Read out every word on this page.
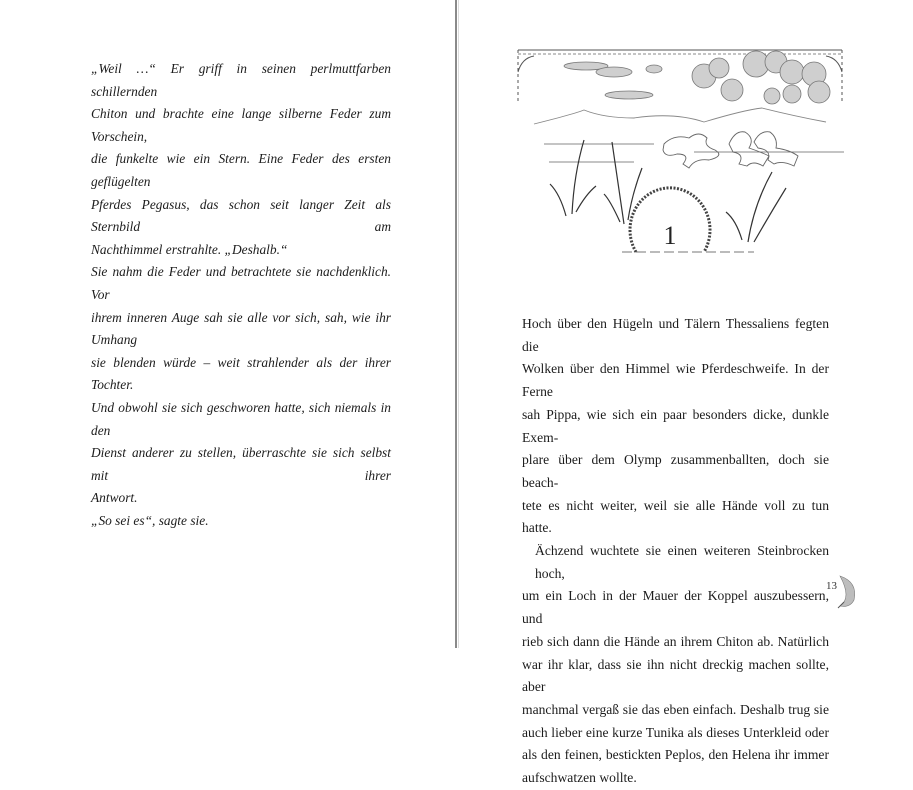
„Weil …“ Er griff in seinen perlmuttfarben schillernden
Chiton und brachte eine lange silberne Feder zum Vorschein,
die funkelte wie ein Stern. Eine Feder des ersten geflügelten
Pferdes Pegasus, das schon seit langer Zeit als Sternbild am
Nachthimmel erstrahlte. „Deshalb.“

Sie nahm die Feder und betrachtete sie nachdenklich. Vor
ihrem inneren Auge sah sie alle vor sich, sah, wie ihr Umhang
sie blenden würde – weit strahlender als der ihrer Tochter.
Und obwohl sie sich geschworen hatte, sich niemals in den
Dienst anderer zu stellen, überraschte sie sich selbst mit ihrer
Antwort.

„So sei es“, sagte sie.

1

Hoch über den Hügeln und Tälern Thessaliens fegten die
Wolken über den Himmel wie Pferdeschweife. In der Ferne
sah Pippa, wie sich ein paar besonders dicke, dunkle Exem-
plare über dem Olymp zusammenballten, doch sie beach-
tete es nicht weiter, weil sie alle Hände voll zu tun hatte.

Ächzend wuchtete sie einen weiteren Steinbrocken hoch,
um ein Loch in der Mauer der Koppel auszubessern, und
rieb sich dann die Hände an ihrem Chiton ab. Natürlich
war ihr klar, dass sie ihn nicht dreckig machen sollte, aber
manchmal vergaß sie das eben einfach. Deshalb trug sie
auch lieber eine kurze Tunika als dieses Unterkleid oder
als den feinen, bestickten Peplos, den Helena ihr immer
aufschwatzen wollte.

13
